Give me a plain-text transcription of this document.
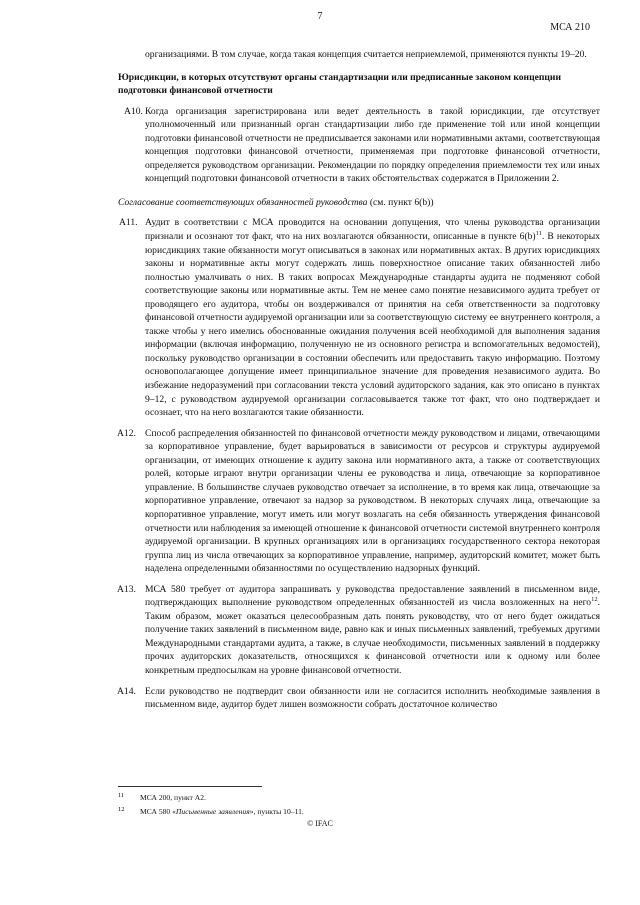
7
МСА 210

организациями. В том случае, когда такая концепция считается неприемлемой, применяются пункты 19–20.

Юрисдикции, в которых отсутствуют органы стандартизации или предписанные законом концепции подготовки финансовой отчетности

A10. Когда организация зарегистрирована или ведет деятельность в такой юрисдикции, где отсутствует уполномоченный или признанный орган стандартизации либо где применение той или иной концепции подготовки финансовой отчетности не предписывается законами или нормативными актами, соответствующая концепция подготовки финансовой отчетности, применяемая при подготовке финансовой отчетности, определяется руководством организации. Рекомендации по порядку определения приемлемости тех или иных концепций подготовки финансовой отчетности в таких обстоятельствах содержатся в Приложении 2.

Согласование соответствующих обязанностей руководства (см. пункт 6(b))

A11. Аудит в соответствии с МСА проводится на основании допущения, что члены руководства организации признали и осознают тот факт, что на них возлагаются обязанности, описанные в пункте $6(b)^{11}$. В некоторых юрисдикциях такие обязанности могут описываться в законах или нормативных актах. В других юрисдикциях законы и нормативные акты могут содержать лишь поверхностное описание таких обязанностей либо полностью умалчивать о них. В таких вопросах Международные стандарты аудита не подменяют собой соответствующие законы или нормативные акты. Тем не менее само понятие независимого аудита требует от проводящего его аудитора, чтобы он воздерживался от принятия на себя ответственности за подготовку финансовой отчетности аудируемой организации или за соответствующую систему ее внутреннего контроля, а также чтобы у него имелись обоснованные ожидания получения всей необходимой для выполнения задания информации (включая информацию, полученную не из основного регистра и вспомогательных ведомостей), поскольку руководство организации в состоянии обеспечить или предоставить такую информацию. Поэтому основополагающее допущение имеет принципиальное значение для проведения независимого аудита. Во избежание недоразумений при согласовании текста условий аудиторского задания, как это описано в пунктах 9–12, с руководством аудируемой организации согласовывается также тот факт, что оно подтверждает и осознает, что на него возлагаются такие обязанности.
A12. Способ распределения обязанностей по финансовой отчетности между руководством и лицами, отвечающими за корпоративное управление, будет варьироваться в зависимости от ресурсов и структуры аудируемой организации, от имеющих отношение к аудиту закона или нормативного акта, а также от соответствующих ролей, которые играют внутри организации члены ее руководства и лица, отвечающие за корпоративное управление. В большинстве случаев руководство отвечает за исполнение, в то время как лица, отвечающие за корпоративное управление, отвечают за надзор за руководством. В некоторых случаях лица, отвечающие за корпоративное управление, могут иметь или могут возлагать на себя обязанность утверждения финансовой отчетности или наблюдения за имеющей отношение к финансовой отчетности системой внутреннего контроля аудируемой организации. В крупных организациях или в организациях государственного сектора некоторая группа лиц из числа отвечающих за корпоративное управление, например, аудиторский комитет, может быть наделена определенными обязанностями по осуществлению надзорных функций.
A13. МСА 580 требует от аудитора запрашивать у руководства предоставление заявлений в письменном виде, подтверждающих выполнение руководством определенных обязанностей из числа возложенных на него$^{12}$. Таким образом, может оказаться целесообразным дать понять руководству, что от него будет ожидаться получение таких заявлений в письменном виде, равно как и иных письменных заявлений, требуемых другими Международными стандартами аудита, а также, в случае необходимости, письменных заявлений в поддержку прочих аудиторских доказательств, относящихся к финансовой отчетности или к одному или более конкретным предпосылкам на уровне финансовой отчетности.
A14. Если руководство не подтвердит свои обязанности или не согласится исполнить необходимые заявления в письменном виде, аудитор будет лишен возможности собрать достаточное количество
11 МСА 200, пункт A2.
12 МСА 580 «Письменные заявления», пункты 10–11.
© IFAC
